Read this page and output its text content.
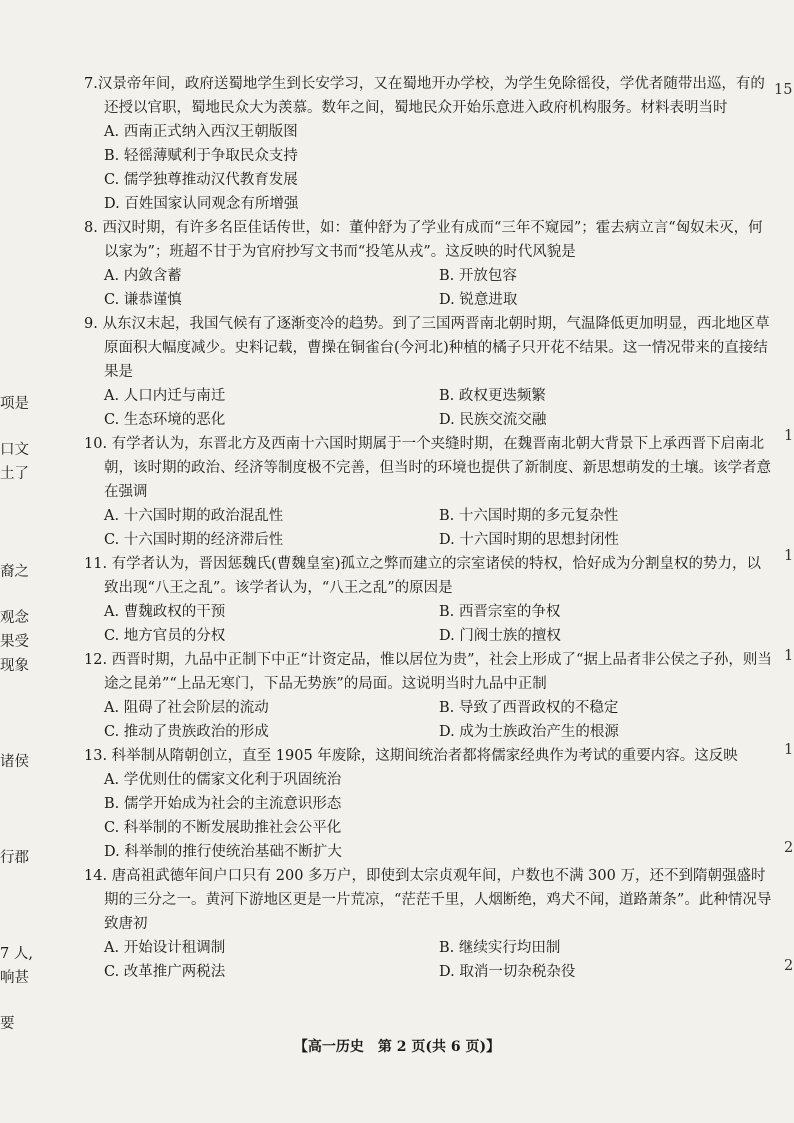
7.汉景帝年间，政府送蜀地学生到长安学习，又在蜀地开办学校，为学生免除徭役，学优者随带出巡，有的还授以官职，蜀地民众大为羡慕。数年之间，蜀地民众开始乐意进入政府机构服务。材料表明当时
A. 西南正式纳入西汉王朝版图
B. 轻徭薄赋利于争取民众支持
C. 儒学独尊推动汉代教育发展
D. 百姓国家认同观念有所增强
8. 西汉时期，有许多名臣佳话传世，如：董仲舒为了学业有成而“三年不窥园”；霍去病立言“匈奴未灭，何以家为”；班超不甘于为官府抄写文书而“投笔从戎”。这反映的时代风貌是
A. 内敛含蓄	B. 开放包容
C. 谦恭谨慎	D. 锐意进取
9. 从东汉末起，我国气候有了逐渐变冷的趋势。到了三国两晋南北朝时期，气温降低更加明显，西北地区草原面积大幅度减少。史料记载，曹操在铜雀台(今河北)种植的橘子只开花不结果。这一情况带来的直接结果是
A. 人口内迁与南迁	B. 政权更迭频繁
C. 生态环境的恶化	D. 民族交流交融
10. 有学者认为，东晋北方及西南十六国时期属于一个夹缝时期，在魏晋南北朝大背景下上承西晋下启南北朝，该时期的政治、经济等制度极不完善，但当时的环境也提供了新制度、新思想萌发的土壤。该学者意在强调
A. 十六国时期的政治混乱性	B. 十六国时期的多元复杂性
C. 十六国时期的经济滞后性	D. 十六国时期的思想封闭性
11. 有学者认为，晋因惩魏氏(曹魏皇室)孤立之弊而建立的宗室诸侯的特权，恰好成为分割皇权的势力，以致出现“八王之乱”。该学者认为，“八王之乱”的原因是
A. 曹魏政权的干预	B. 西晋宗室的争权
C. 地方官员的分权	D. 门阀士族的擅权
12. 西晋时期，九品中正制下中正“计资定品，惟以居位为贵”，社会上形成了“据上品者非公侯之子孙，则当途之昆弟”“上品无寒门，下品无势族”的局面。这说明当时九品中正制
A. 阻碍了社会阶层的流动	B. 导致了西晋政权的不稳定
C. 推动了贵族政治的形成	D. 成为士族政治产生的根源
13. 科举制从隋朝创立，直至 1905 年废除，这期间统治者都将儒家经典作为考试的重要内容。这反映
A. 学优则仕的儒家文化利于巩固统治
B. 儒学开始成为社会的主流意识形态
C. 科举制的不断发展助推社会公平化
D. 科举制的推行使统治基础不断扩大
14. 唐高祖武德年间户口只有 200 多万户，即使到太宗贞观年间，户数也不满 300 万，还不到隋朝强盛时期的三分之一。黄河下游地区更是一片荒凉，“茫茫千里，人烟断绝，鸡犬不闻，道路萧条”。此种情况导致唐初
A. 开始设计租调制	B. 继续实行均田制
C. 改革推广两税法	D. 取消一切杂税杂役
项是
口文
土了
裔之
观念
果受
现象
诸侯
行郡
7 人,
响甚
要
15
1
1
1
1
2
2
【高一历史　第 2 页(共 6 页)】
